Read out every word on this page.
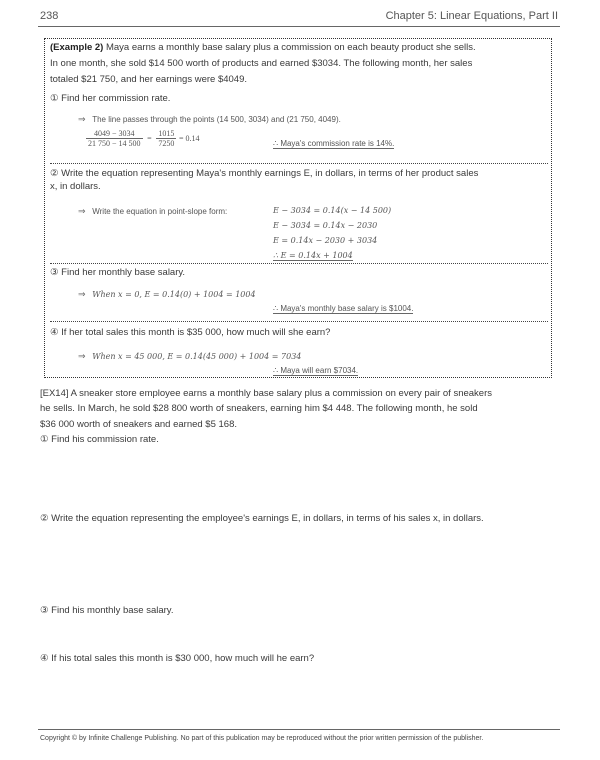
238	Chapter 5: Linear Equations, Part II
(Example 2) Maya earns a monthly base salary plus a commission on each beauty product she sells.
In one month, she sold $14 500 worth of products and earned $3034. The following month, her sales
totaled $21 750, and her earnings were $4049.
① Find her commission rate.
⇒ The line passes through the points (14 500, 3034) and (21 750, 4049).
$\frac{4049 - 3034}{21 750 - 14 500} = \frac{1015}{7250} = 0.14$
∴ Maya's commission rate is 14%.
② Write the equation representing Maya's monthly earnings E, in dollars, in terms of her product sales
x, in dollars.
⇒ Write the equation in point-slope form:	E − 3034 = 0.14(x − 14 500)
E − 3034 = 0.14x − 2030
E = 0.14x − 2030 + 3034
∴ E = 0.14x + 1004
③ Find her monthly base salary.
⇒ When x = 0, E = 0.14(0) + 1004 = 1004
∴ Maya's monthly base salary is $1004.
④ If her total sales this month is $35 000, how much will she earn?
⇒ When x = 45 000, E = 0.14(45 000) + 1004 = 7034
∴ Maya will earn $7034.
[EX14] A sneaker store employee earns a monthly base salary plus a commission on every pair of sneakers
he sells. In March, he sold $28 800 worth of sneakers, earning him $4 448. The following month, he sold
$36 000 worth of sneakers and earned $5 168.
① Find his commission rate.
② Write the equation representing the employee's earnings E, in dollars, in terms of his sales x, in dollars.
③ Find his monthly base salary.
④ If his total sales this month is $30 000, how much will he earn?
Copyright © by Infinite Challenge Publishing. No part of this publication may be reproduced without the prior written permission of the publisher.
